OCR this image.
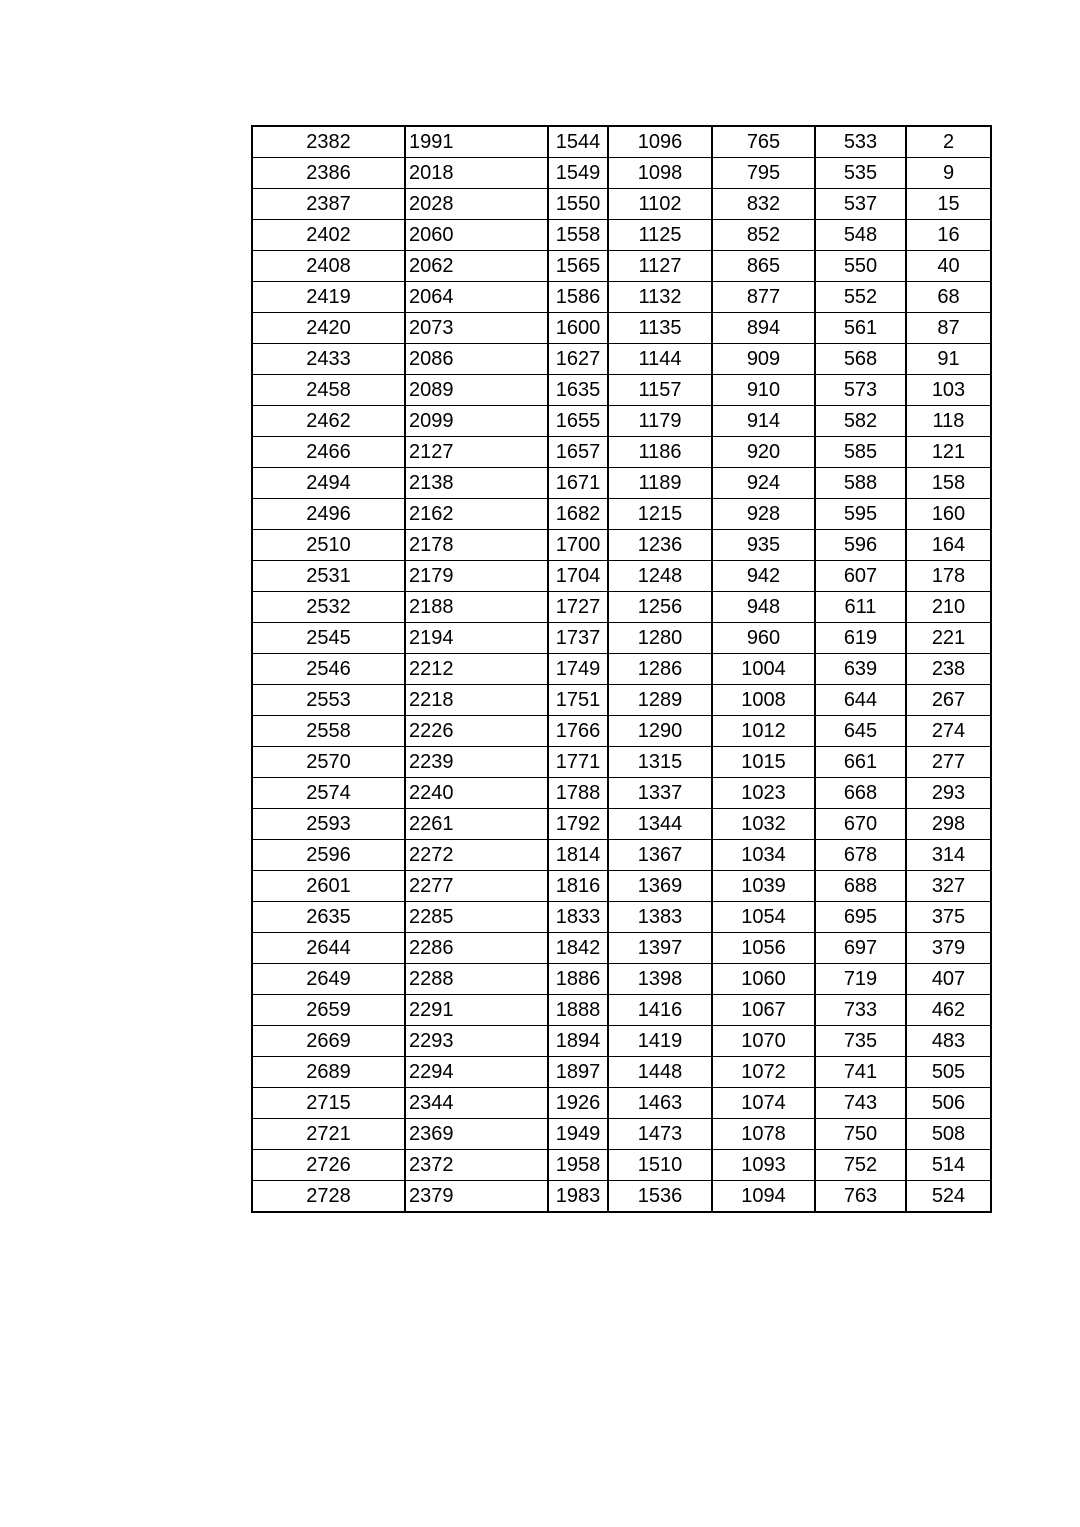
2382	1991	1544	1096	765	533	2
2386	2018	1549	1098	795	535	9
2387	2028	1550	1102	832	537	15
2402	2060	1558	1125	852	548	16
2408	2062	1565	1127	865	550	40
2419	2064	1586	1132	877	552	68
2420	2073	1600	1135	894	561	87
2433	2086	1627	1144	909	568	91
2458	2089	1635	1157	910	573	103
2462	2099	1655	1179	914	582	118
2466	2127	1657	1186	920	585	121
2494	2138	1671	1189	924	588	158
2496	2162	1682	1215	928	595	160
2510	2178	1700	1236	935	596	164
2531	2179	1704	1248	942	607	178
2532	2188	1727	1256	948	611	210
2545	2194	1737	1280	960	619	221
2546	2212	1749	1286	1004	639	238
2553	2218	1751	1289	1008	644	267
2558	2226	1766	1290	1012	645	274
2570	2239	1771	1315	1015	661	277
2574	2240	1788	1337	1023	668	293
2593	2261	1792	1344	1032	670	298
2596	2272	1814	1367	1034	678	314
2601	2277	1816	1369	1039	688	327
2635	2285	1833	1383	1054	695	375
2644	2286	1842	1397	1056	697	379
2649	2288	1886	1398	1060	719	407
2659	2291	1888	1416	1067	733	462
2669	2293	1894	1419	1070	735	483
2689	2294	1897	1448	1072	741	505
2715	2344	1926	1463	1074	743	506
2721	2369	1949	1473	1078	750	508
2726	2372	1958	1510	1093	752	514
2728	2379	1983	1536	1094	763	524
